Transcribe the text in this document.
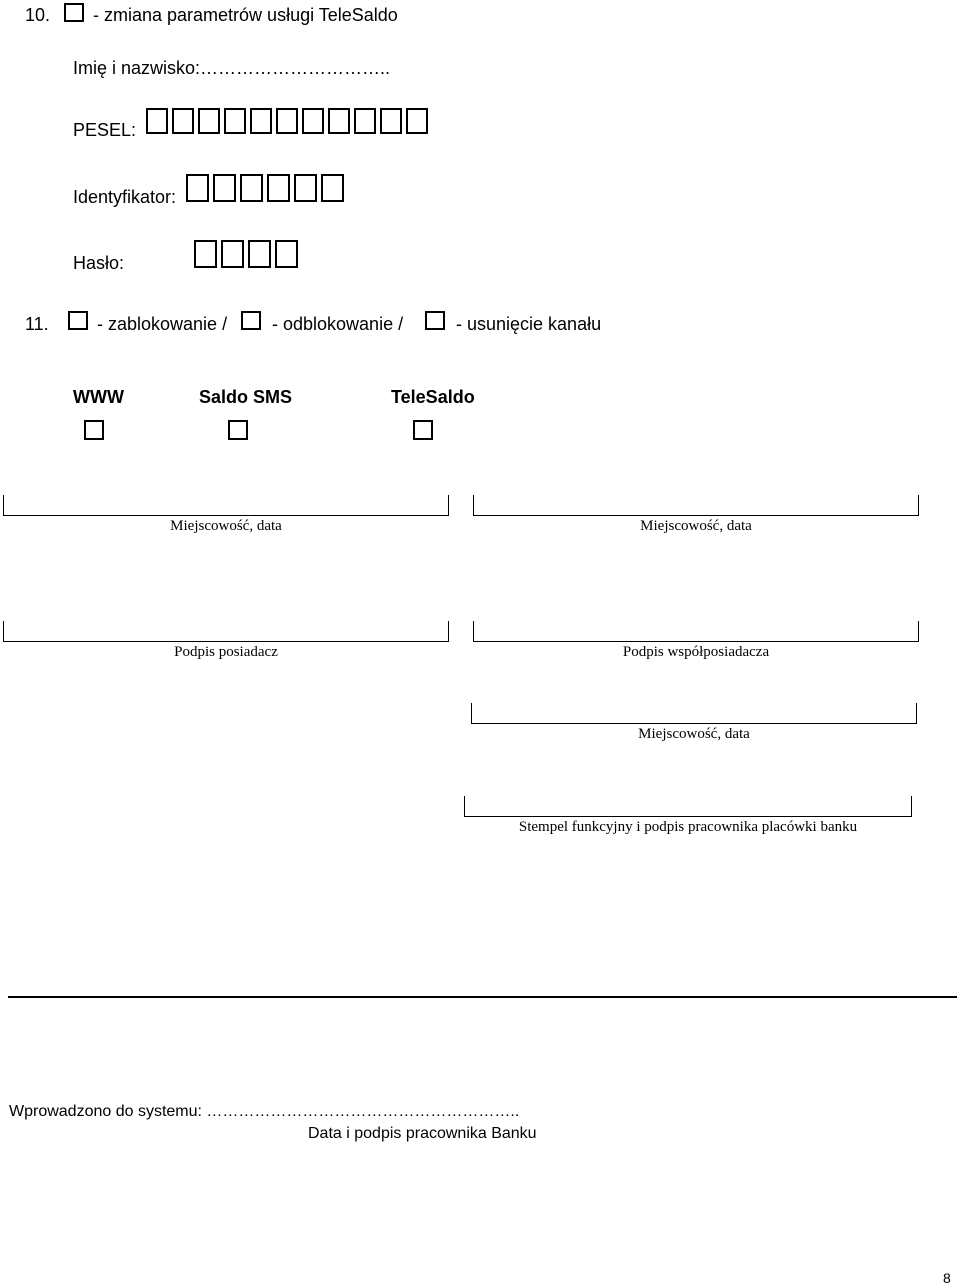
10. - zmiana parametrów usługi TeleSaldo
Imię i nazwisko:…………………………..
PESEL:
Identyfikator:
Hasło:
11.	- zablokowanie / - odblokowanie /	- usunięcie kanału
WWW	Saldo SMS	TeleSaldo
Miejscowość, data	Miejscowość, data
Podpis posiadacz	Podpis współposiadacza
Miejscowość, data
Stempel funkcyjny i podpis pracownika placówki banku
Wprowadzono do systemu: …………………………………………………..
Data i podpis pracownika Banku
8
